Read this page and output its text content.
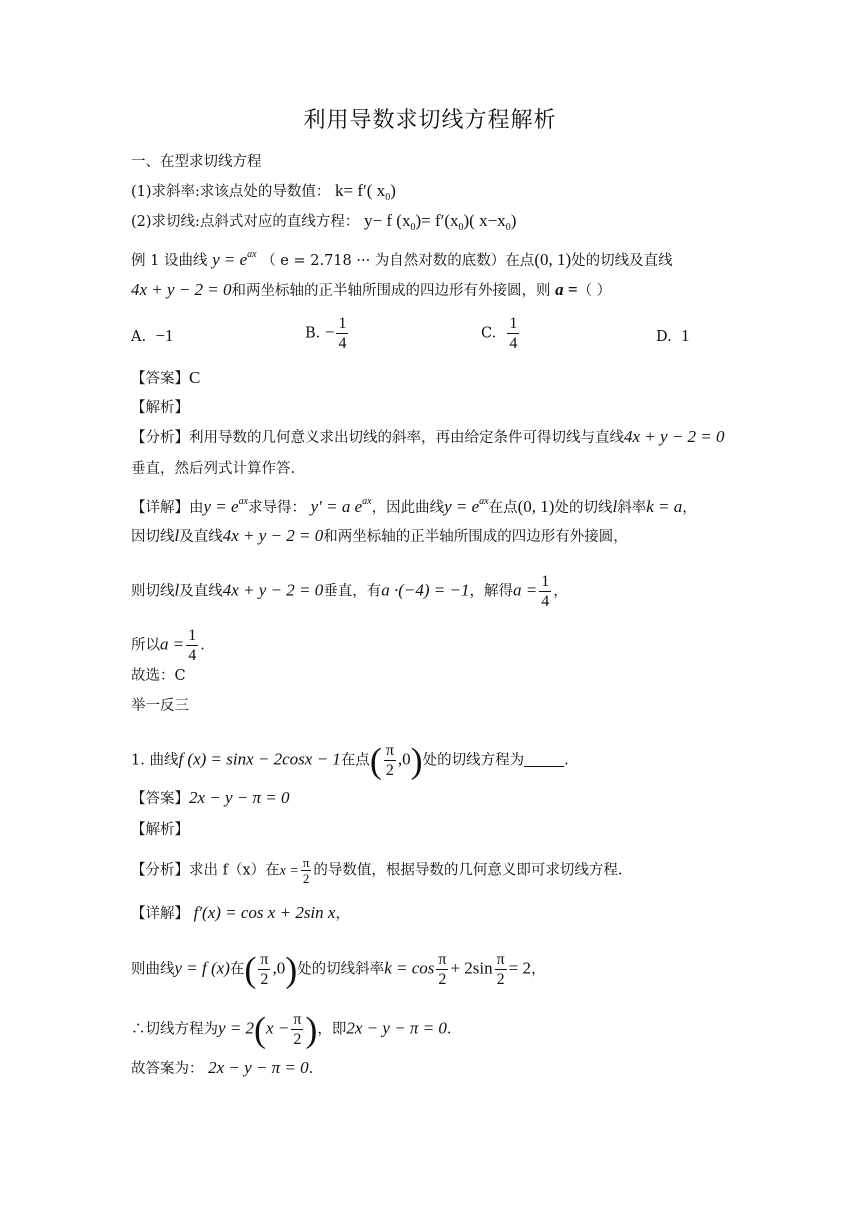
利用导数求切线方程解析
一、在型求切线方程
(1)求斜率:求该点处的导数值： k= f′( $x_0$)
(2)求切线:点斜式对应的直线方程： y− f $(x_0)= f'(x_0)$( $x-x_0$)
例 1 设曲线 $y = e^{ax}$ （ e = 2.718 ··· 为自然对数的底数）在点(0, 1)处的切线及直线
4x + y − 2 = 0和两坐标轴的正半轴所围成的四边形有外接圆，则 a =（ ）
A. −1	B. − $\frac{1}{4}$	C. $\frac{1}{4}$	D. 1
【答案】C
【解析】
【分析】利用导数的几何意义求出切线的斜率，再由给定条件可得切线与直线4x + y − 2 = 0
垂直，然后列式计算作答.
【详解】由$y = e^{ax}$求导得： y′ = a $e^{ax}$，因此曲线$y = e^{ax}$在点(0, 1)处的切线l斜率k = a，
因切线l及直线4x + y − 2 = 0和两坐标轴的正半轴所围成的四边形有外接圆，
则切线l及直线4x + y − 2 = 0垂直，有a ·(−4) = −1，解得$a = \frac{1}{4}$ ，
所以$a = \frac{1}{4}$ .
故选：C
举一反三
1. 曲线f (x) = sinx − 2cosx − 1在点( $\frac{\pi}{2} ,0$)处的切线方程为	.
【答案】2x − y − π = 0
【解析】
【分析】求出 f（x）在$x = \frac{\pi}{2}$ 的导数值，根据导数的几何意义即可求切线方程.
【详解】 f′(x) = cos x + 2sin x，
则曲线y = f (x)在( $\frac{\pi}{2} ,0$)处的切线斜率$k = \cos \frac{\pi}{2} + 2\sin \frac{\pi}{2} = 2$，
∴切线方程为$y = 2(x - \frac{\pi}{2}$ )，即2x − y − π = 0.
故答案为： 2x − y − π = 0.
